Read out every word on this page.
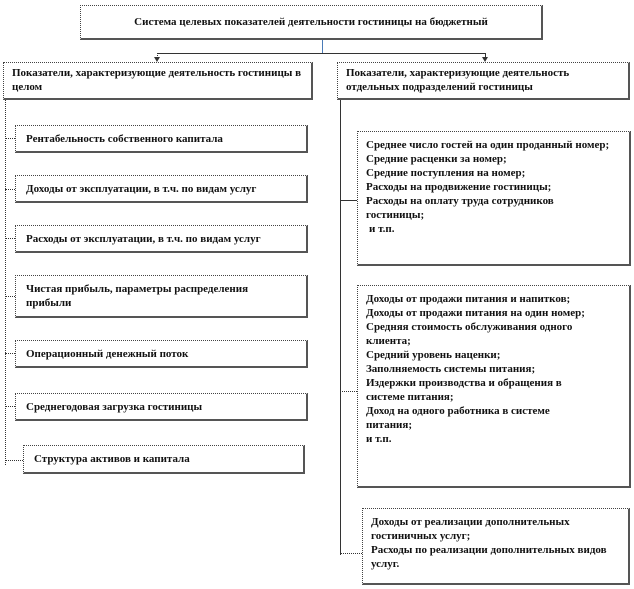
Система целевых показателей деятельности гостиницы на бюджетный
Показатели, характеризующие деятельность гостиницы в целом
Показатели, характеризующие деятельность отдельных подразделений гостиницы
Рентабельность собственного капитала
Доходы от эксплуатации, в т.ч. по видам услуг
Расходы от эксплуатации, в т.ч. по видам услуг
Чистая прибыль, параметры распределения прибыли
Операционный денежный поток
Среднегодовая загрузка гостиницы
Структура активов и капитала
Среднее число гостей на один проданный номер;
Средние расценки за номер;
Средние поступления на номер;
Расходы на продвижение гостиницы;
Расходы на оплату труда сотрудников гостиницы;
и т.п.
Доходы от продажи питания и напитков;
Доходы от продажи питания на один номер;
Средняя стоимость обслуживания одного клиента;
Средний уровень наценки;
Заполняемость системы питания;
Издержки производства и обращения в системе питания;
Доход на одного работника в системе питания;
и т.п.
Доходы от реализации дополнительных гостиничных услуг;
Расходы по реализации дополнительных видов услуг.
